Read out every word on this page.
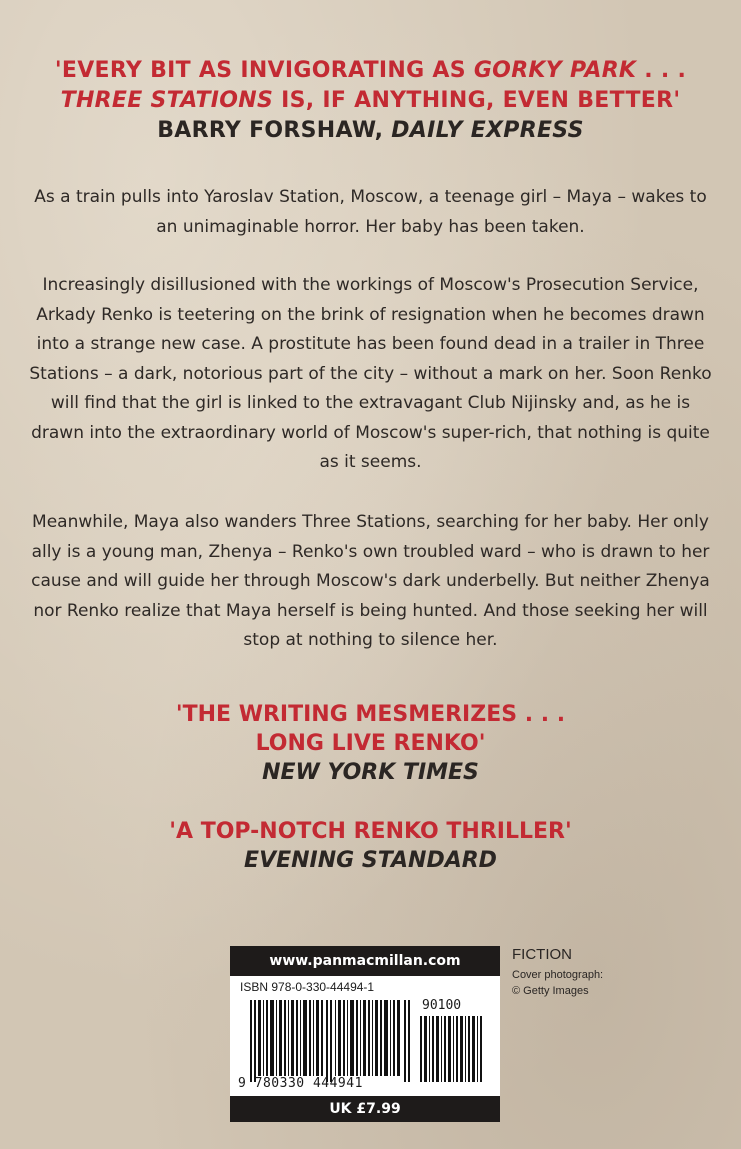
'EVERY BIT AS INVIGORATING AS GORKY PARK . . .
THREE STATIONS IS, IF ANYTHING, EVEN BETTER'
BARRY FORSHAW, DAILY EXPRESS
As a train pulls into Yaroslav Station, Moscow, a teenage girl – Maya – wakes to an unimaginable horror. Her baby has been taken.
Increasingly disillusioned with the workings of Moscow's Prosecution Service, Arkady Renko is teetering on the brink of resignation when he becomes drawn into a strange new case. A prostitute has been found dead in a trailer in Three Stations – a dark, notorious part of the city – without a mark on her. Soon Renko will find that the girl is linked to the extravagant Club Nijinsky and, as he is drawn into the extraordinary world of Moscow's super-rich, that nothing is quite as it seems.
Meanwhile, Maya also wanders Three Stations, searching for her baby. Her only ally is a young man, Zhenya – Renko's own troubled ward – who is drawn to her cause and will guide her through Moscow's dark underbelly. But neither Zhenya nor Renko realize that Maya herself is being hunted. And those seeking her will stop at nothing to silence her.
'THE WRITING MESMERIZES . . .
LONG LIVE RENKO'
NEW YORK TIMES
'A TOP-NOTCH RENKO THRILLER'
EVENING STANDARD
www.panmacmillan.com
ISBN 978-0-330-44494-1
90100
9 780330 444941
UK £7.99
FICTION
Cover photograph:
© Getty Images
